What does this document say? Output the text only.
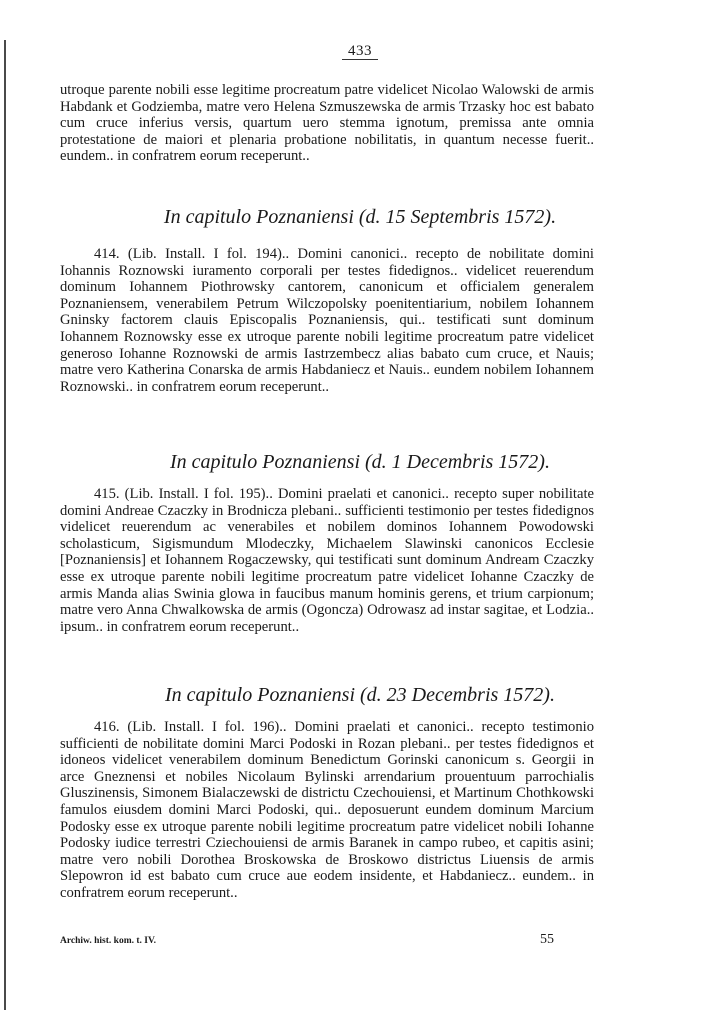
433

utroque parente nobili esse legitime procreatum patre videlicet Nicolao Walowski de armis Habdank et Godziemba, matre vero Helena Szmuszewska de armis Trzasky hoc est babato cum cruce inferius versis, quartum uero stemma ignotum, premissa ante omnia protestatione de maiori et plenaria probatione nobilitatis, in quantum necesse fuerit.. eundem.. in confratrem eorum receperunt..

In capitulo Poznaniensi (d. 15 Septembris 1572).

414. (Lib. Install. I fol. 194).. Domini canonici.. recepto de nobilitate domini Iohannis Roznowski iuramento corporali per testes fidedignos.. videlicet reuerendum dominum Iohannem Piothrowsky cantorem, canonicum et officialem generalem Poznaniensem, venerabilem Petrum Wilczopolsky poenitentiarium, nobilem Iohannem Gninsky factorem clauis Episcopalis Poznaniensis, qui.. testificati sunt dominum Iohannem Roznowsky esse ex utroque parente nobili legitime procreatum patre videlicet generoso Iohanne Roznowski de armis Iastrzembecz alias babato cum cruce, et Nauis; matre vero Katherina Conarska de armis Habdaniecz et Nauis.. eundem nobilem Iohannem Roznowski.. in confratrem eorum receperunt..

In capitulo Poznaniensi (d. 1 Decembris 1572).

415. (Lib. Install. I fol. 195).. Domini praelati et canonici.. recepto super nobilitate domini Andreae Czaczky in Brodnicza plebani.. sufficienti testimonio per testes fidedignos videlicet reuerendum ac venerabiles et nobilem dominos Iohannem Powodowski scholasticum, Sigismundum Mlodeczky, Michaelem Slawinski canonicos Ecclesie [Poznaniensis] et Iohannem Rogaczewsky, qui testificati sunt dominum Andream Czaczky esse ex utroque parente nobili legitime procreatum patre videlicet Iohanne Czaczky de armis Manda alias Swinia glowa in faucibus manum hominis gerens, et trium carpionum; matre vero Anna Chwalkowska de armis (Ogoncza) Odrowasz ad instar sagitae, et Lodzia.. ipsum.. in confratrem eorum receperunt..

In capitulo Poznaniensi (d. 23 Decembris 1572).

416. (Lib. Install. I fol. 196).. Domini praelati et canonici.. recepto testimonio sufficienti de nobilitate domini Marci Podoski in Rozan plebani.. per testes fidedignos et idoneos videlicet venerabilem dominum Benedictum Gorinski canonicum s. Georgii in arce Gneznensi et nobiles Nicolaum Bylinski arrendarium prouentuum parrochialis Gluszinensis, Simonem Bialaczewski de districtu Czechouiensi, et Martinum Chothkowski famulos eiusdem domini Marci Podoski, qui.. deposuerunt eundem dominum Marcium Podosky esse ex utroque parente nobili legitime procreatum patre videlicet nobili Iohanne Podosky iudice terrestri Cziechouiensi de armis Baranek in campo rubeo, et capitis asini; matre vero nobili Dorothea Broskowska de Broskowo districtus Liuensis de armis Slepowron id est babato cum cruce aue eodem insidente, et Habdaniecz.. eundem.. in confratrem eorum receperunt..

Archiw. hist. kom. t. IV.	55
